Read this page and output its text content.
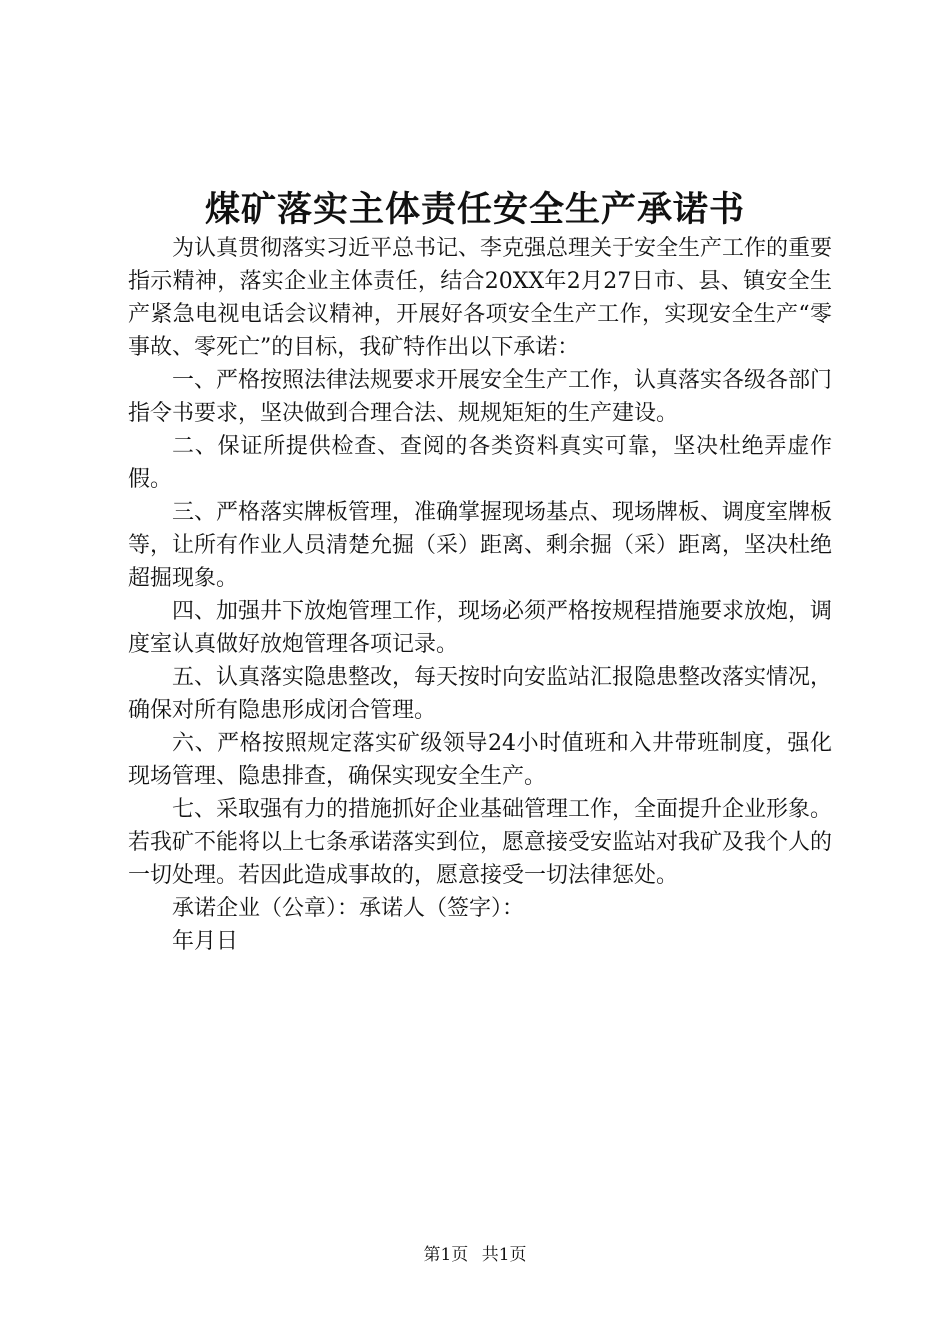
煤矿落实主体责任安全生产承诺书

为认真贯彻落实习近平总书记、李克强总理关于安全生产工作的重要指示精神，落实企业主体责任，结合20XX年2月27日市、县、镇安全生产紧急电视电话会议精神，开展好各项安全生产工作，实现安全生产“零事故、零死亡”的目标，我矿特作出以下承诺：

一、严格按照法律法规要求开展安全生产工作，认真落实各级各部门指令书要求，坚决做到合理合法、规规矩矩的生产建设。

二、保证所提供检查、查阅的各类资料真实可靠，坚决杜绝弄虚作假。

三、严格落实牌板管理，准确掌握现场基点、现场牌板、调度室牌板等，让所有作业人员清楚允掘（采）距离、剩余掘（采）距离，坚决杜绝超掘现象。

四、加强井下放炮管理工作，现场必须严格按规程措施要求放炮，调度室认真做好放炮管理各项记录。

五、认真落实隐患整改，每天按时向安监站汇报隐患整改落实情况，确保对所有隐患形成闭合管理。

六、严格按照规定落实矿级领导24小时值班和入井带班制度，强化现场管理、隐患排查，确保实现安全生产。

七、采取强有力的措施抓好企业基础管理工作，全面提升企业形象。若我矿不能将以上七条承诺落实到位，愿意接受安监站对我矿及我个人的一切处理。若因此造成事故的，愿意接受一切法律惩处。

承诺企业（公章）：承诺人（签字）：

年月日

第1页 共1页
